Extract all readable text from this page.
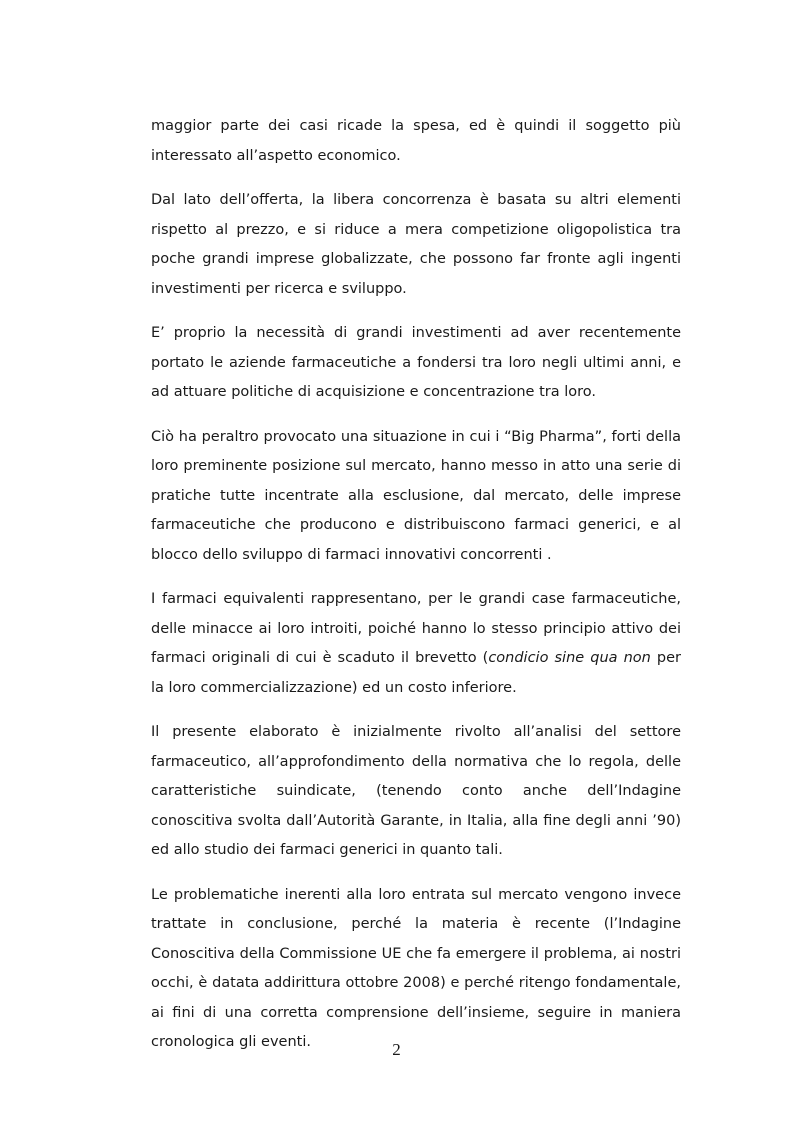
maggior parte dei casi ricade la spesa, ed è quindi il soggetto più interessato all’aspetto economico.

Dal lato dell’offerta, la libera concorrenza è basata su altri elementi rispetto al prezzo, e si riduce a mera competizione oligopolistica tra poche grandi imprese globalizzate, che possono far fronte agli ingenti investimenti per ricerca e sviluppo.

E’ proprio la necessità di grandi investimenti ad aver recentemente portato le aziende farmaceutiche a fondersi tra loro negli ultimi anni, e ad attuare politiche di acquisizione e concentrazione tra loro.

Ciò ha peraltro provocato una situazione in cui i “Big Pharma”, forti della loro preminente posizione sul mercato, hanno messo in atto una serie di pratiche tutte incentrate alla esclusione, dal mercato, delle imprese farmaceutiche che producono e distribuiscono farmaci generici, e al blocco dello sviluppo di farmaci innovativi concorrenti .

I farmaci equivalenti rappresentano, per le grandi case farmaceutiche, delle minacce ai loro introiti, poiché hanno lo stesso principio attivo dei farmaci originali di cui è scaduto il brevetto (condicio sine qua non per la loro commercializzazione) ed un costo inferiore.

Il presente elaborato è inizialmente rivolto all’analisi del settore farmaceutico, all’approfondimento della normativa che lo regola, delle caratteristiche suindicate, (tenendo conto anche dell’Indagine conoscitiva svolta dall’Autorità Garante, in Italia, alla fine degli anni ’90) ed allo studio dei farmaci generici in quanto tali.

Le problematiche inerenti alla loro entrata sul mercato vengono invece trattate in conclusione, perché la materia è recente (l’Indagine Conoscitiva della Commissione UE che fa emergere il problema, ai nostri occhi, è datata addirittura ottobre 2008) e perché ritengo fondamentale, ai fini di una corretta comprensione dell’insieme, seguire in maniera cronologica gli eventi.	2
